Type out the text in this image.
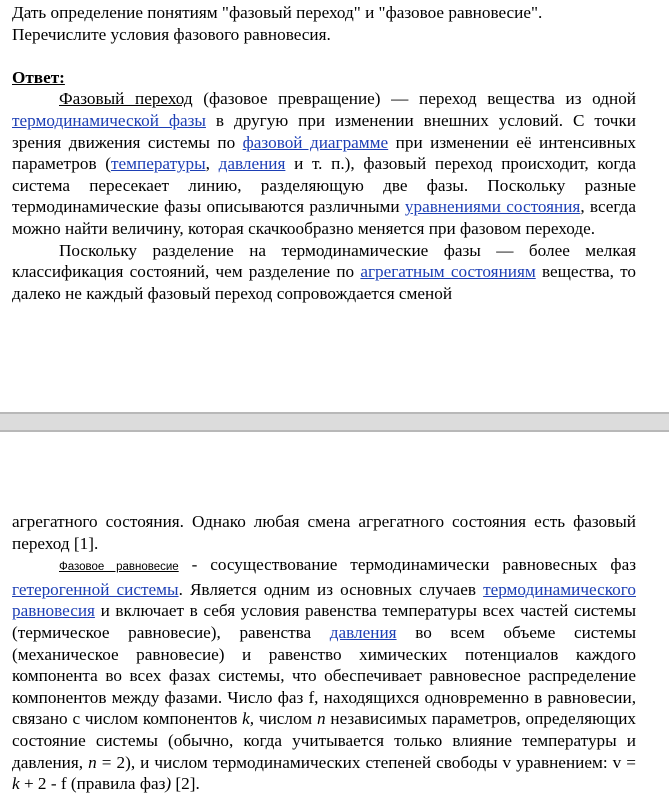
Дать определение понятиям "фазовый переход" и "фазовое равновесие".

Перечислите условия фазового равновесия.

Ответ:

Фазовый переход (фазовое превращение) — переход вещества из одной термодинамической фазы в другую при изменении внешних условий. С точки зрения движения системы по фазовой диаграмме при изменении её интенсивных параметров (температуры, давления и т. п.), фазовый переход происходит, когда система пересекает линию, разделяющую две фазы. Поскольку разные термодинамические фазы описываются различными уравнениями состояния, всегда можно найти величину, которая скачкообразно меняется при фазовом переходе.

Поскольку разделение на термодинамические фазы — более мелкая классификация состояний, чем разделение по агрегатным состояниям вещества, то далеко не каждый фазовый переход сопровождается сменой

агрегатного состояния. Однако любая смена агрегатного состояния есть фазовый переход [1].

Фазовое равновесие - сосуществование термодинамически равновесных фаз гетерогенной системы. Является одним из основных случаев термодинамического равновесия и включает в себя условия равенства температуры всех частей системы (термическое равновесие), равенства давления во всем объеме системы (механическое равновесие) и равенство химических потенциалов каждого компонента во всех фазах системы, что обеспечивает равновесное распределение компонентов между фазами. Число фаз f, находящихся одновременно в равновесии, связано с числом компонентов k, числом n независимых параметров, определяющих состояние системы (обычно, когда учитывается только влияние температуры и давления, n = 2), и числом термодинамических степеней свободы v уравнением: v = k + 2 - f (правила фаз) [2].
